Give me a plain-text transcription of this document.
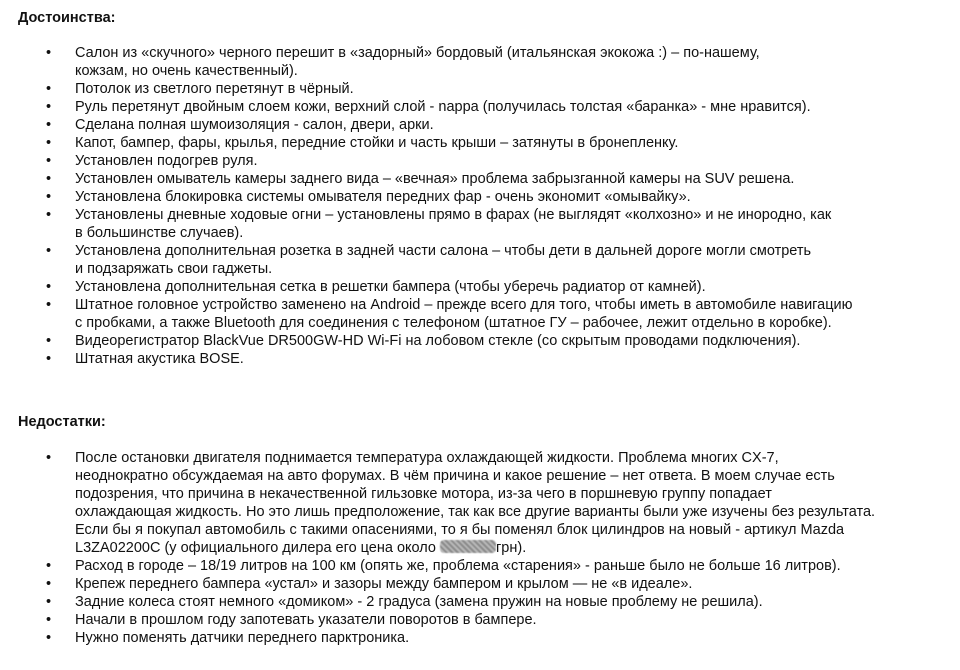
Достоинства:
• Салон из «скучного» черного перешит в «задорный» бордовый (итальянская экокожа :) – по-нашему,
кожзам, но очень качественный).
• Потолок из светлого перетянут в чёрный.
• Руль перетянут двойным слоем кожи, верхний слой - nappa (получилась толстая «баранка» - мне нравится).
• Сделана полная шумоизоляция - салон, двери, арки.
• Капот, бампер, фары, крылья, передние стойки и часть крыши – затянуты в бронепленку.
• Установлен подогрев руля.
• Установлен омыватель камеры заднего вида – «вечная» проблема забрызганной камеры на SUV решена.
• Установлена блокировка системы омывателя передних фар - очень экономит «омывайку».
• Установлены дневные ходовые огни – установлены прямо в фарах (не выглядят «колхозно» и не инородно, как
в большинстве случаев).
• Установлена дополнительная розетка в задней части салона – чтобы дети в дальней дороге могли смотреть
и подзаряжать свои гаджеты.
• Установлена дополнительная сетка в решетки бампера (чтобы уберечь радиатор от камней).
• Штатное головное устройство заменено на Android – прежде всего для того, чтобы иметь в автомобиле навигацию
с пробками, а также Bluetooth для соединения с телефоном (штатное ГУ – рабочее, лежит отдельно в коробке).
• Видеорегистратор BlackVue DR500GW-HD Wi-Fi на лобовом стекле (со скрытым проводами подключения).
• Штатная акустика BOSE.
Недостатки:
• После остановки двигателя поднимается температура охлаждающей жидкости. Проблема многих CX-7,
неоднократно обсуждаемая на авто форумах. В чём причина и какое решение – нет ответа. В моем случае есть
подозрения, что причина в некачественной гильзовке мотора, из-за чего в поршневую группу попадает
охлаждающая жидкость. Но это лишь предположение, так как все другие варианты были уже изучены без результата.
Если бы я покупал автомобиль с такими опасениями, то я бы поменял блок цилиндров на новый - артикул Mazda
L3ZA02200C (у официального дилера его цена около	грн).
• Расход в городе – 18/19 литров на 100 км (опять же, проблема «старения» - раньше было не больше 16 литров).
• Крепеж переднего бампера «устал» и зазоры между бампером и крылом — не «в идеале».
• Задние колеса стоят немного «домиком» - 2 градуса (замена пружин на новые проблему не решила).
• Начали в прошлом году запотевать указатели поворотов в бампере.
• Нужно поменять датчики переднего парктроника.
